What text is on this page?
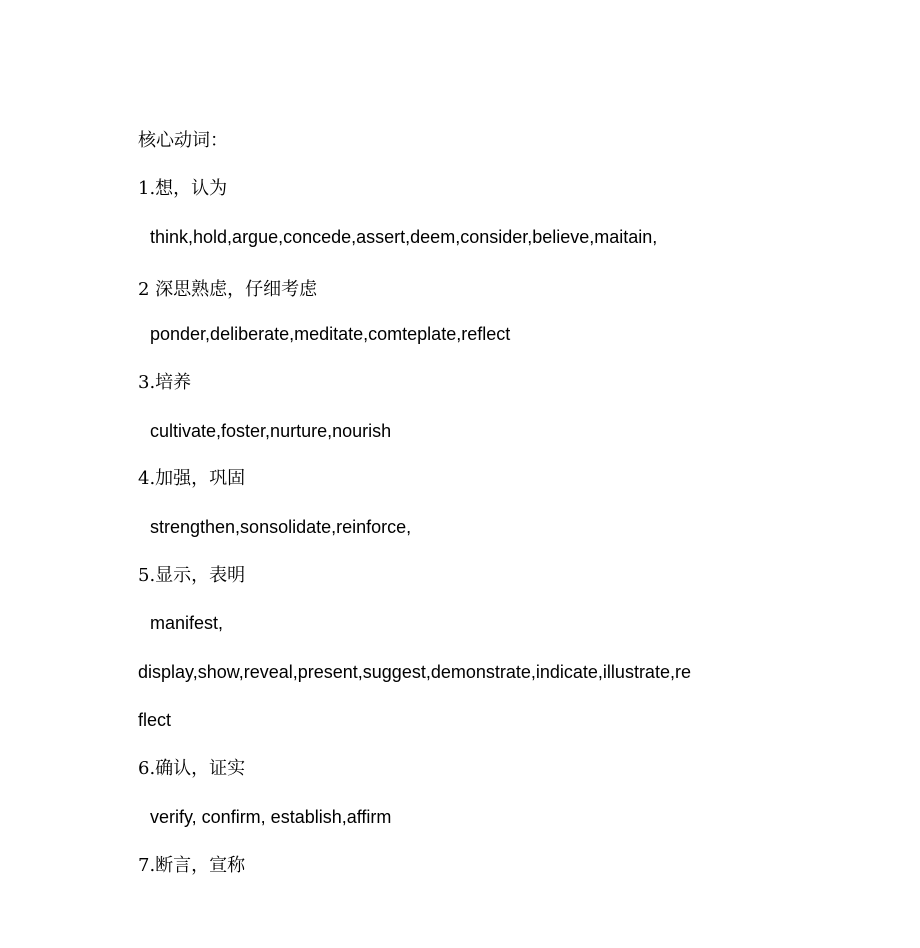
核心动词：
1.想，认为
think,hold,argue,concede,assert,deem,consider,believe,maitain,
2 深思熟虑，仔细考虑
ponder,deliberate,meditate,comteplate,reflect
3.培养
cultivate,foster,nurture,nourish
4.加强，巩固
strengthen,sonsolidate,reinforce,
5.显示，表明
manifest,
display,show,reveal,present,suggest,demonstrate,indicate,illustrate,re
flect
6.确认，证实
verify, confirm, establish,affirm
7.断言，宣称
